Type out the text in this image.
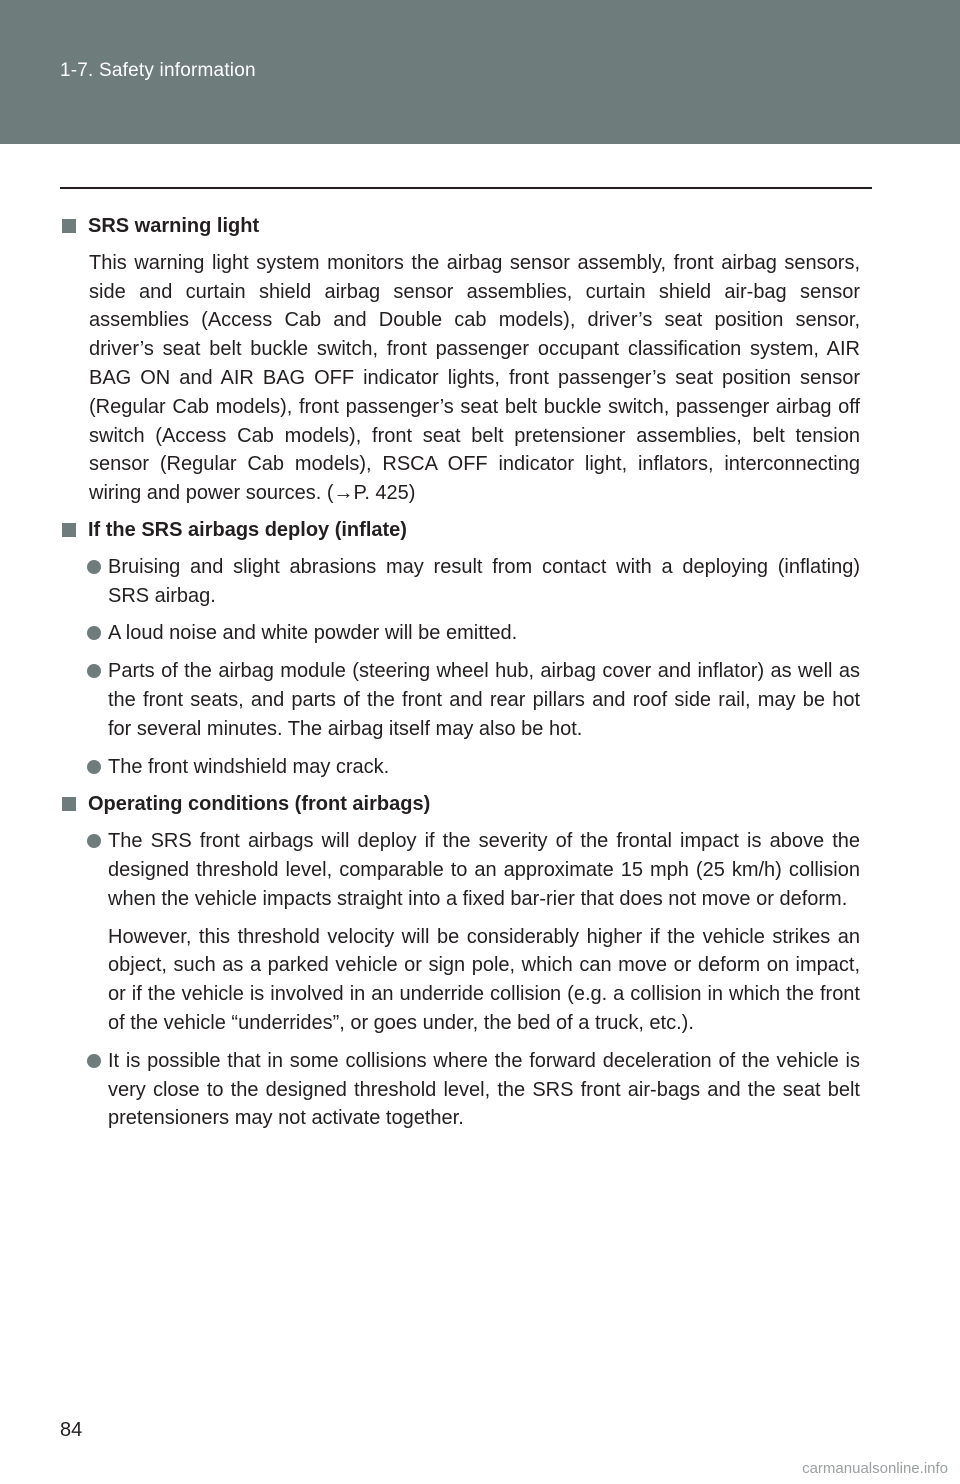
1-7. Safety information
SRS warning light
This warning light system monitors the airbag sensor assembly, front airbag sensors, side and curtain shield airbag sensor assemblies, curtain shield air-bag sensor assemblies (Access Cab and Double cab models), driver’s seat position sensor, driver’s seat belt buckle switch, front passenger occupant classification system, AIR BAG ON and AIR BAG OFF indicator lights, front passenger’s seat position sensor (Regular Cab models), front passenger’s seat belt buckle switch, passenger airbag off switch (Access Cab models), front seat belt pretensioner assemblies, belt tension sensor (Regular Cab models), RSCA OFF indicator light, inflators, interconnecting wiring and power sources. (→P. 425)
If the SRS airbags deploy (inflate)
Bruising and slight abrasions may result from contact with a deploying (inflating) SRS airbag.
A loud noise and white powder will be emitted.
Parts of the airbag module (steering wheel hub, airbag cover and inflator) as well as the front seats, and parts of the front and rear pillars and roof side rail, may be hot for several minutes. The airbag itself may also be hot.
The front windshield may crack.
Operating conditions (front airbags)
The SRS front airbags will deploy if the severity of the frontal impact is above the designed threshold level, comparable to an approximate 15 mph (25 km/h) collision when the vehicle impacts straight into a fixed bar-rier that does not move or deform.
However, this threshold velocity will be considerably higher if the vehicle strikes an object, such as a parked vehicle or sign pole, which can move or deform on impact, or if the vehicle is involved in an underride collision (e.g. a collision in which the front of the vehicle “underrides”, or goes under, the bed of a truck, etc.).
It is possible that in some collisions where the forward deceleration of the vehicle is very close to the designed threshold level, the SRS front air-bags and the seat belt pretensioners may not activate together.
84
carmanualsonline.info
